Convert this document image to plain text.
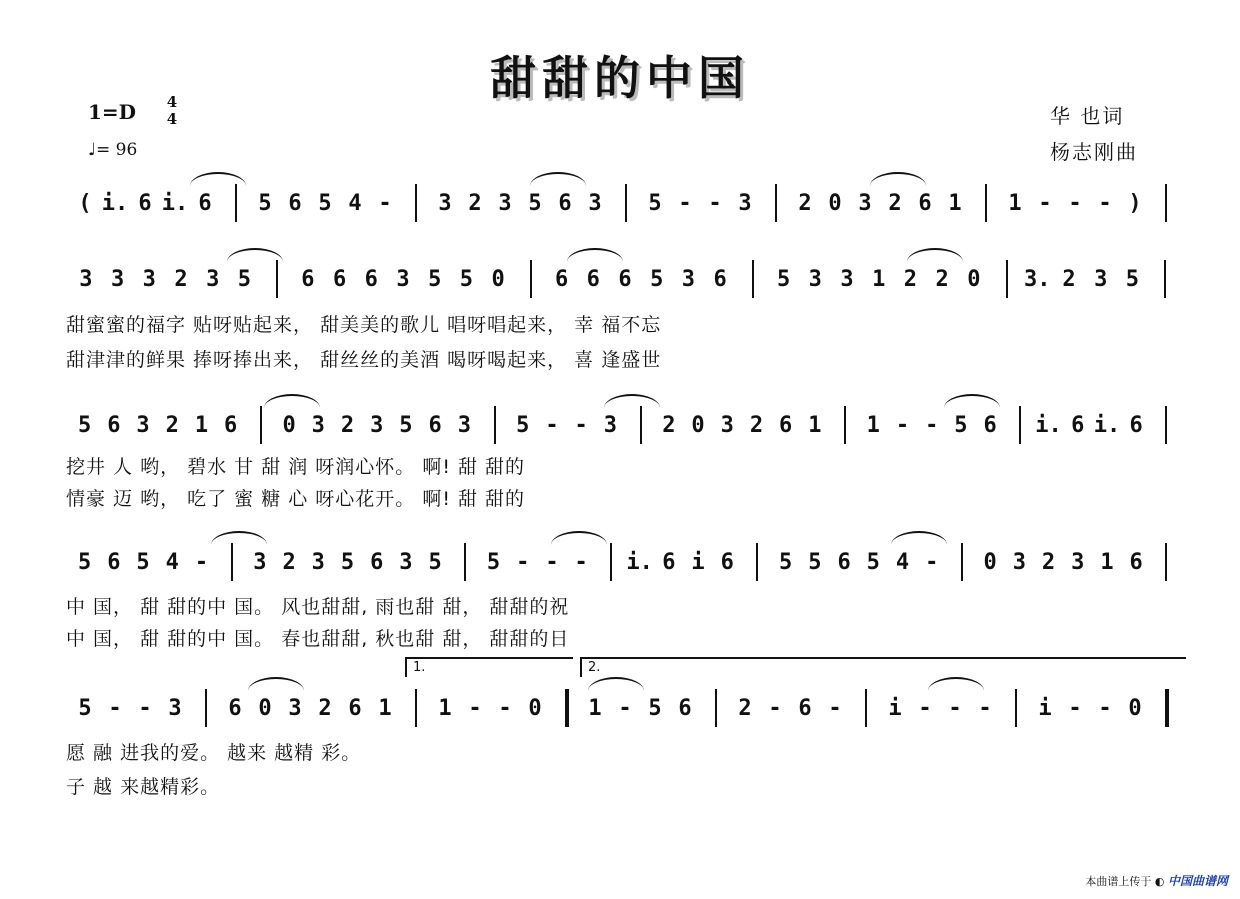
甜甜的中国
1=D 4
4
♩= 96
华 也词
杨志刚曲
( i. 6 i. 6 5 6 5 4 - 3 2 3 5 6 3 5 - - 3 2 0 3 2 6 1 1 - - - )
3 3 3 2 3 5 6 6 6 3 5 5 0 6 6 6 5 3 6 5 3 3 1 2 2 0 3. 2 3 5
甜蜜蜜的福字 贴呀贴起来， 甜美美的歌儿 唱呀唱起来， 幸 福不忘
甜津津的鲜果 捧呀捧出来， 甜丝丝的美酒 喝呀喝起来， 喜 逢盛世
5 6 3 2 1 6 0 3 2 3 5 6 3 5 - - 3 2 0 3 2 6 1 1 - - 5 6 i. 6 i. 6
挖井 人 哟， 碧水 甘 甜 润 呀润心怀。 啊! 甜 甜的
情豪 迈 哟， 吃了 蜜 糖 心 呀心花开。 啊! 甜 甜的
5 6 5 4 - 3 2 3 5 6 3 5 5 - - - i. 6 i 6 5 5 6 5 4 - 0 3 2 3 1 6
中 国， 甜 甜的中 国。 风也甜甜, 雨也甜 甜， 甜甜的祝
中 国， 甜 甜的中 国。 春也甜甜, 秋也甜 甜， 甜甜的日
5 - - 3 6 0 3 2 6 1 1 - - 0 1 - 5 6 2 - 6 - i - - - i - - 0
愿 融 进我的爱。 越来 越精 彩。
子 越 来越精彩。
1.	2.
本曲谱上传于 ◐ 中国曲谱网
